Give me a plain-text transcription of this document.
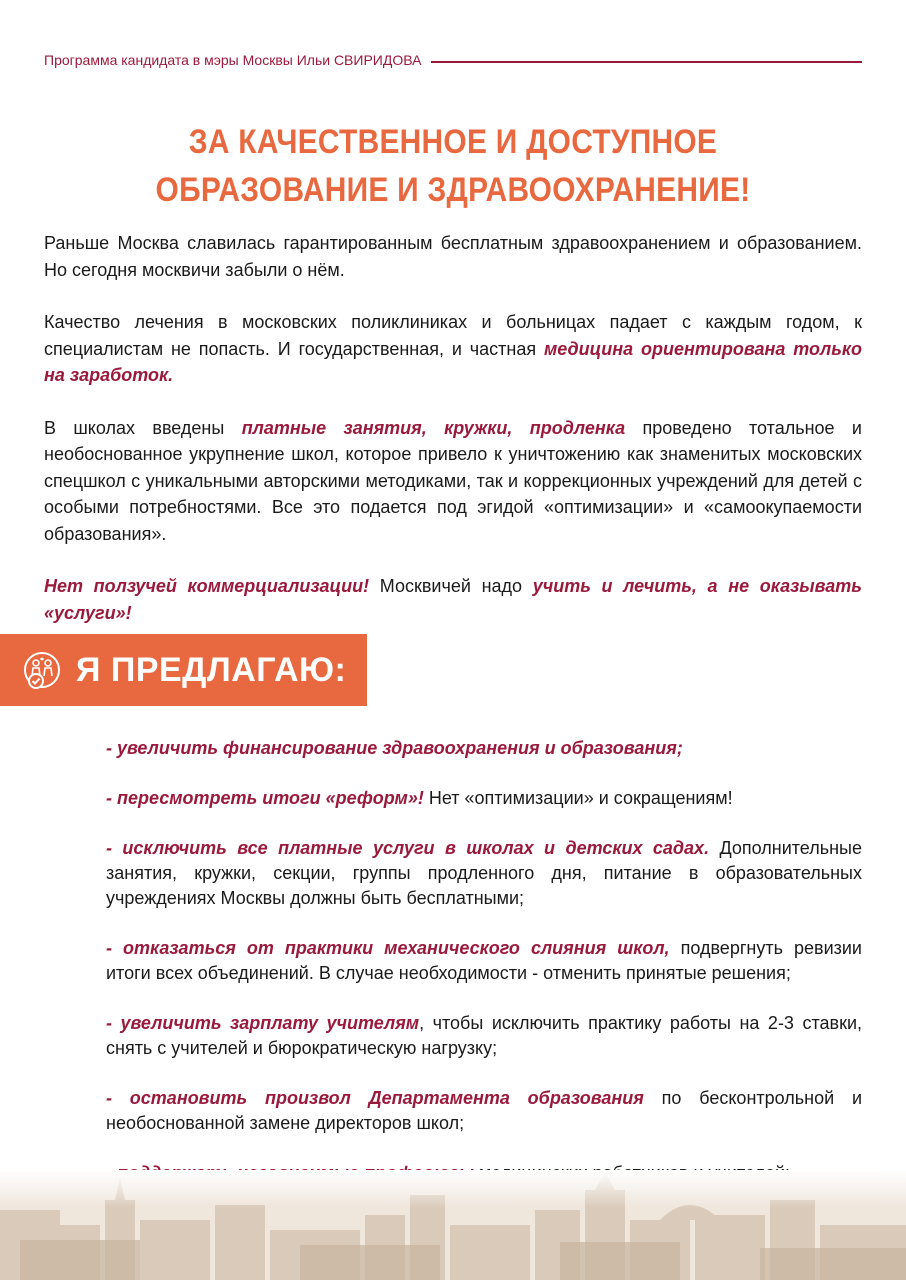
Программа кандидата в мэры Москвы Ильи СВИРИДОВА
ЗА КАЧЕСТВЕННОЕ И ДОСТУПНОЕ
ОБРАЗОВАНИЕ И ЗДРАВООХРАНЕНИЕ!

Раньше Москва славилась гарантированным бесплатным здравоохранением и образованием. Но сегодня москвичи забыли о нём.

Качество лечения в московских поликлиниках и больницах падает с каждым годом, к специалистам не попасть. И государственная, и частная медицина ориентирована только на заработок.

В школах введены платные занятия, кружки, продленка проведено тотальное и необоснованное укрупнение школ, которое привело к уничтожению как знаменитых московских спецшкол с уникальными авторскими методиками, так и коррекционных учреждений для детей с особыми потребностями. Все это подается под эгидой «оптимизации» и «самоокупаемости образования».

Нет ползучей коммерциализации! Москвичей надо учить и лечить, а не оказывать «услуги»!

Я ПРЕДЛАГАЮ:

- увеличить финансирование здравоохранения и образования;

- пересмотреть итоги «реформ»! Нет «оптимизации» и сокращениям!

- исключить все платные услуги в школах и детских садах. Дополнительные занятия, кружки, секции, группы продленного дня, питание в образовательных учреждениях Москвы должны быть бесплатными;

- отказаться от практики механического слияния школ, подвергнуть ревизии итоги всех объединений. В случае необходимости - отменить принятые решения;

- увеличить зарплату учителям, чтобы исключить практику работы на 2-3 ставки, снять с учителей и бюрократическую нагрузку;

- остановить произвол Департамента образования по бесконтрольной и необоснованной замене директоров школ;
